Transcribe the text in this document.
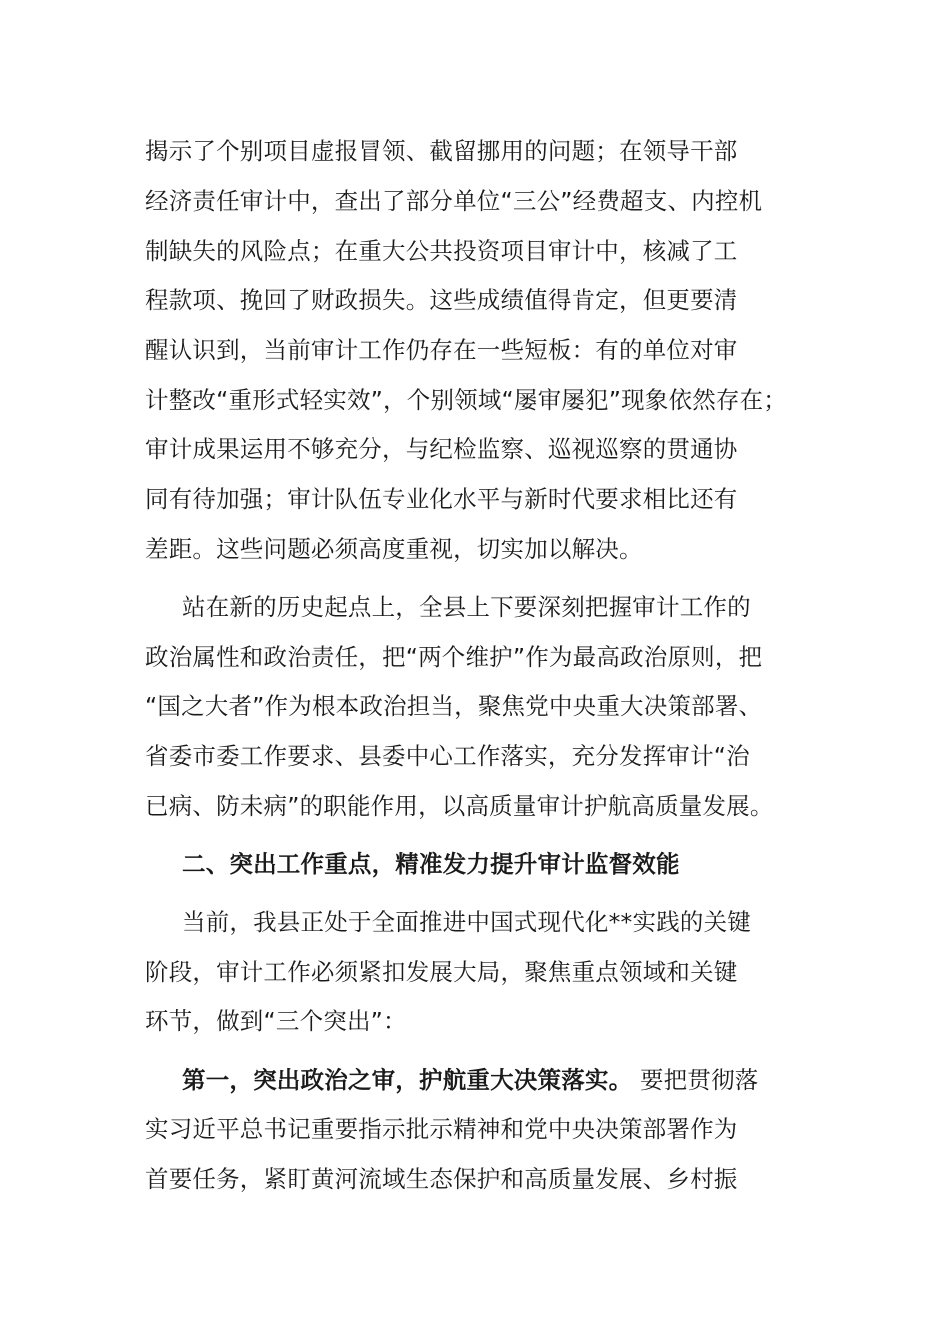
揭示了个别项目虚报冒领、截留挪用的问题；在领导干部
经济责任审计中，查出了部分单位“三公”经费超支、内控机
制缺失的风险点；在重大公共投资项目审计中，核减了工
程款项、挽回了财政损失。这些成绩值得肯定，但更要清
醒认识到，当前审计工作仍存在一些短板：有的单位对审
计整改“重形式轻实效”，个别领域“屡审屡犯”现象依然存在；
审计成果运用不够充分，与纪检监察、巡视巡察的贯通协
同有待加强；审计队伍专业化水平与新时代要求相比还有
差距。这些问题必须高度重视，切实加以解决。
站在新的历史起点上，全县上下要深刻把握审计工作的
政治属性和政治责任，把“两个维护”作为最高政治原则，把
“国之大者”作为根本政治担当，聚焦党中央重大决策部署、
省委市委工作要求、县委中心工作落实，充分发挥审计“治
已病、防未病”的职能作用，以高质量审计护航高质量发展。
二、突出工作重点，精准发力提升审计监督效能
当前，我县正处于全面推进中国式现代化**实践的关键
阶段，审计工作必须紧扣发展大局，聚焦重点领域和关键
环节，做到“三个突出”：
第一，突出政治之审，护航重大决策落实。 要把贯彻落
实习近平总书记重要指示批示精神和党中央决策部署作为
首要任务，紧盯黄河流域生态保护和高质量发展、乡村振
